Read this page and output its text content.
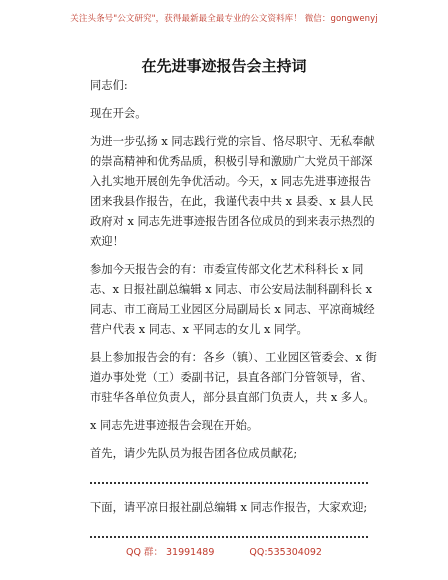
关注头条号"公文研究"，获得最新最全最专业的公文资料库！ 微信：gongwenyj
在先进事迹报告会主持词

同志们:

现在开会。

为进一步弘扬 x 同志践行党的宗旨、恪尽职守、无私奉献的崇高精神和优秀品质，积极引导和激励广大党员干部深入扎实地开展创先争优活动。今天，x 同志先进事迹报告团来我县作报告，在此，我谨代表中共 x 县委、x 县人民政府对 x 同志先进事迹报告团各位成员的到来表示热烈的欢迎！

参加今天报告会的有：市委宣传部文化艺术科科长 x 同志、x 日报社副总编辑 x 同志、市公安局法制科副科长 x 同志、市工商局工业园区分局副局长 x 同志、平凉商城经营户代表 x 同志、x 平同志的女儿 x 同学。

县上参加报告会的有：各乡（镇）、工业园区管委会、x 街道办事处党（工）委副书记，县直各部门分管领导，省、市驻华各单位负责人，部分县直部门负责人，共 x 多人。

x 同志先进事迹报告会现在开始。

首先，请少先队员为报告团各位成员献花;

下面，请平凉日报社副总编辑 x 同志作报告，大家欢迎;

QQ 群： 31991489	QQ:535304092
